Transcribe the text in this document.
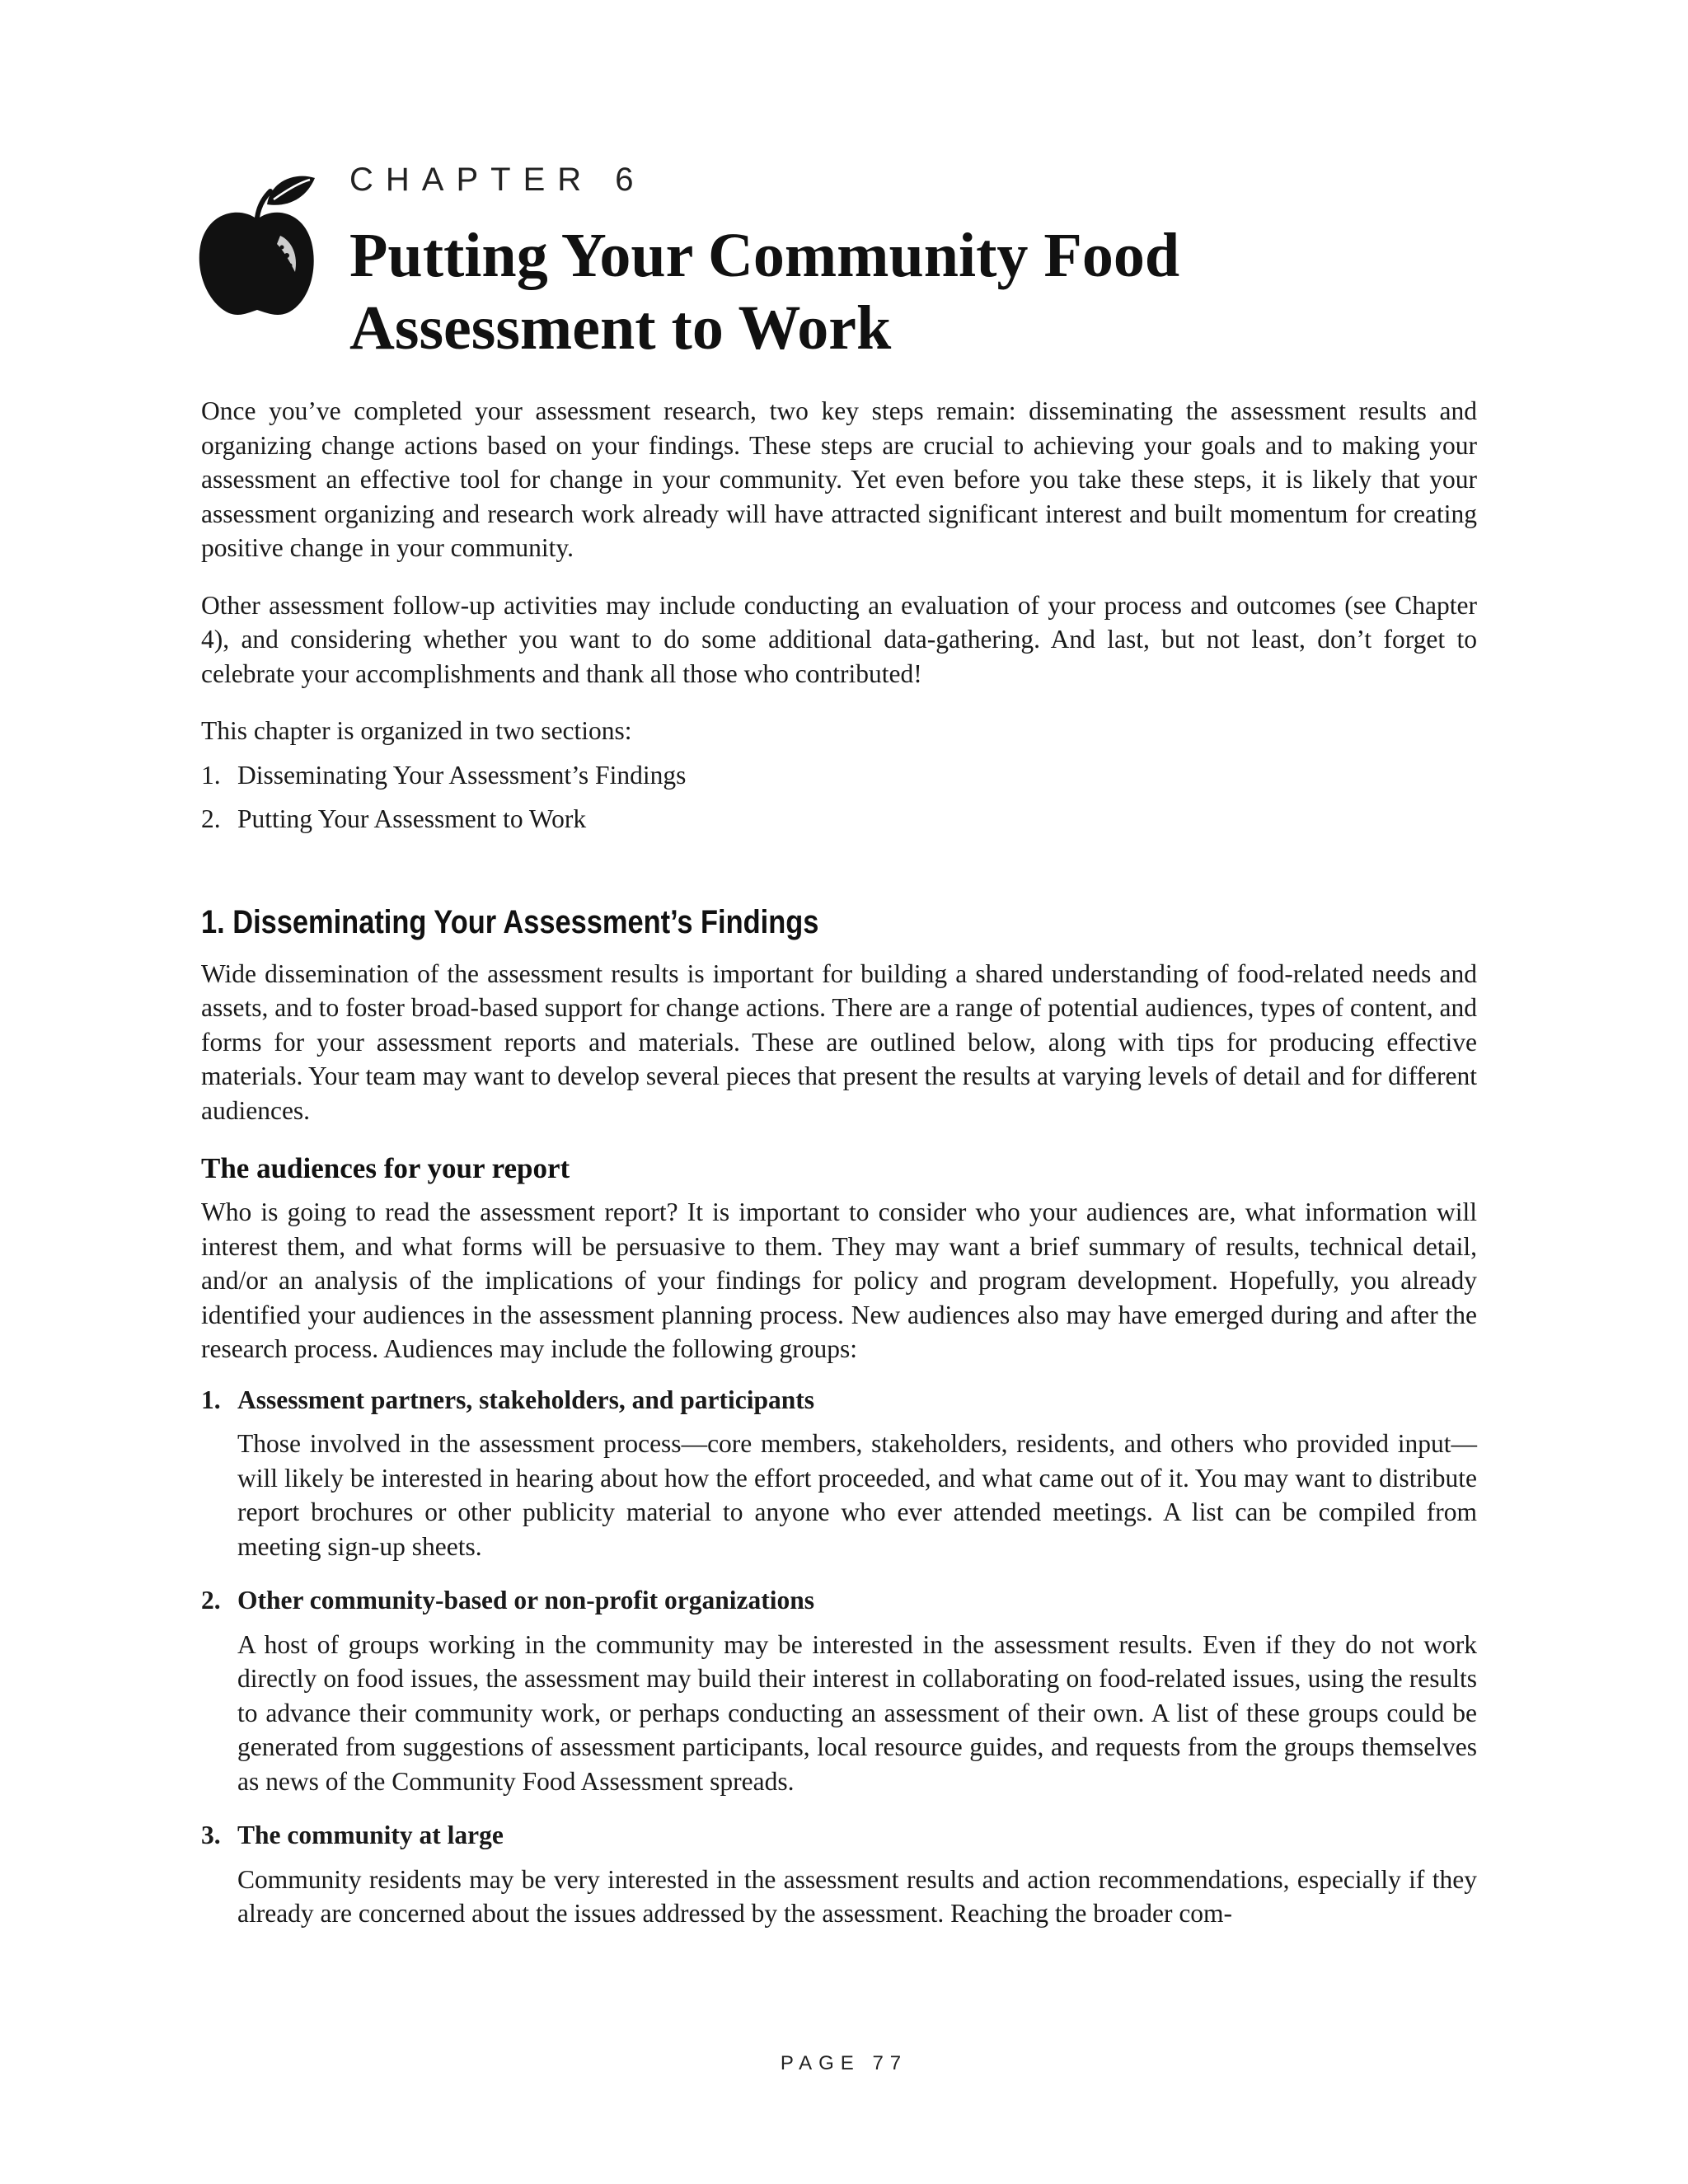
CHAPTER 6
Putting Your Community Food
Assessment to Work

Once you’ve completed your assessment research, two key steps remain: disseminating the assessment results and organizing change actions based on your findings. These steps are crucial to achieving your goals and to making your assessment an effective tool for change in your community. Yet even before you take these steps, it is likely that your assessment organizing and research work already will have attracted significant interest and built momentum for creating positive change in your community.

Other assessment follow-up activities may include conducting an evaluation of your process and outcomes (see Chapter 4), and considering whether you want to do some additional data-gathering. And last, but not least, don’t forget to celebrate your accomplishments and thank all those who contributed!

This chapter is organized in two sections:

1. Disseminating Your Assessment’s Findings
2. Putting Your Assessment to Work
1. Disseminating Your Assessment’s Findings

Wide dissemination of the assessment results is important for building a shared understanding of food-related needs and assets, and to foster broad-based support for change actions. There are a range of potential audiences, types of content, and forms for your assessment reports and materials. These are outlined below, along with tips for producing effective materials. Your team may want to develop several pieces that present the results at varying levels of detail and for different audiences.

The audiences for your report

Who is going to read the assessment report? It is important to consider who your audiences are, what information will interest them, and what forms will be persuasive to them. They may want a brief summary of results, technical detail, and/or an analysis of the implications of your findings for policy and program development. Hopefully, you already identified your audiences in the assessment planning process. New audiences also may have emerged during and after the research process. Audiences may include the following groups:

1. Assessment partners, stakeholders, and participants

Those involved in the assessment process—core members, stakeholders, residents, and others who provided input—will likely be interested in hearing about how the effort proceeded, and what came out of it. You may want to distribute report brochures or other publicity material to anyone who ever attended meetings. A list can be compiled from meeting sign-up sheets.

2. Other community-based or non-profit organizations

A host of groups working in the community may be interested in the assessment results. Even if they do not work directly on food issues, the assessment may build their interest in collaborating on food-related issues, using the results to advance their community work, or perhaps conducting an assessment of their own. A list of these groups could be generated from suggestions of assessment participants, local resource guides, and requests from the groups themselves as news of the Community Food Assessment spreads.

3. The community at large

Community residents may be very interested in the assessment results and action recommendations, especially if they already are concerned about the issues addressed by the assessment. Reaching the broader com-

PAGE 77
